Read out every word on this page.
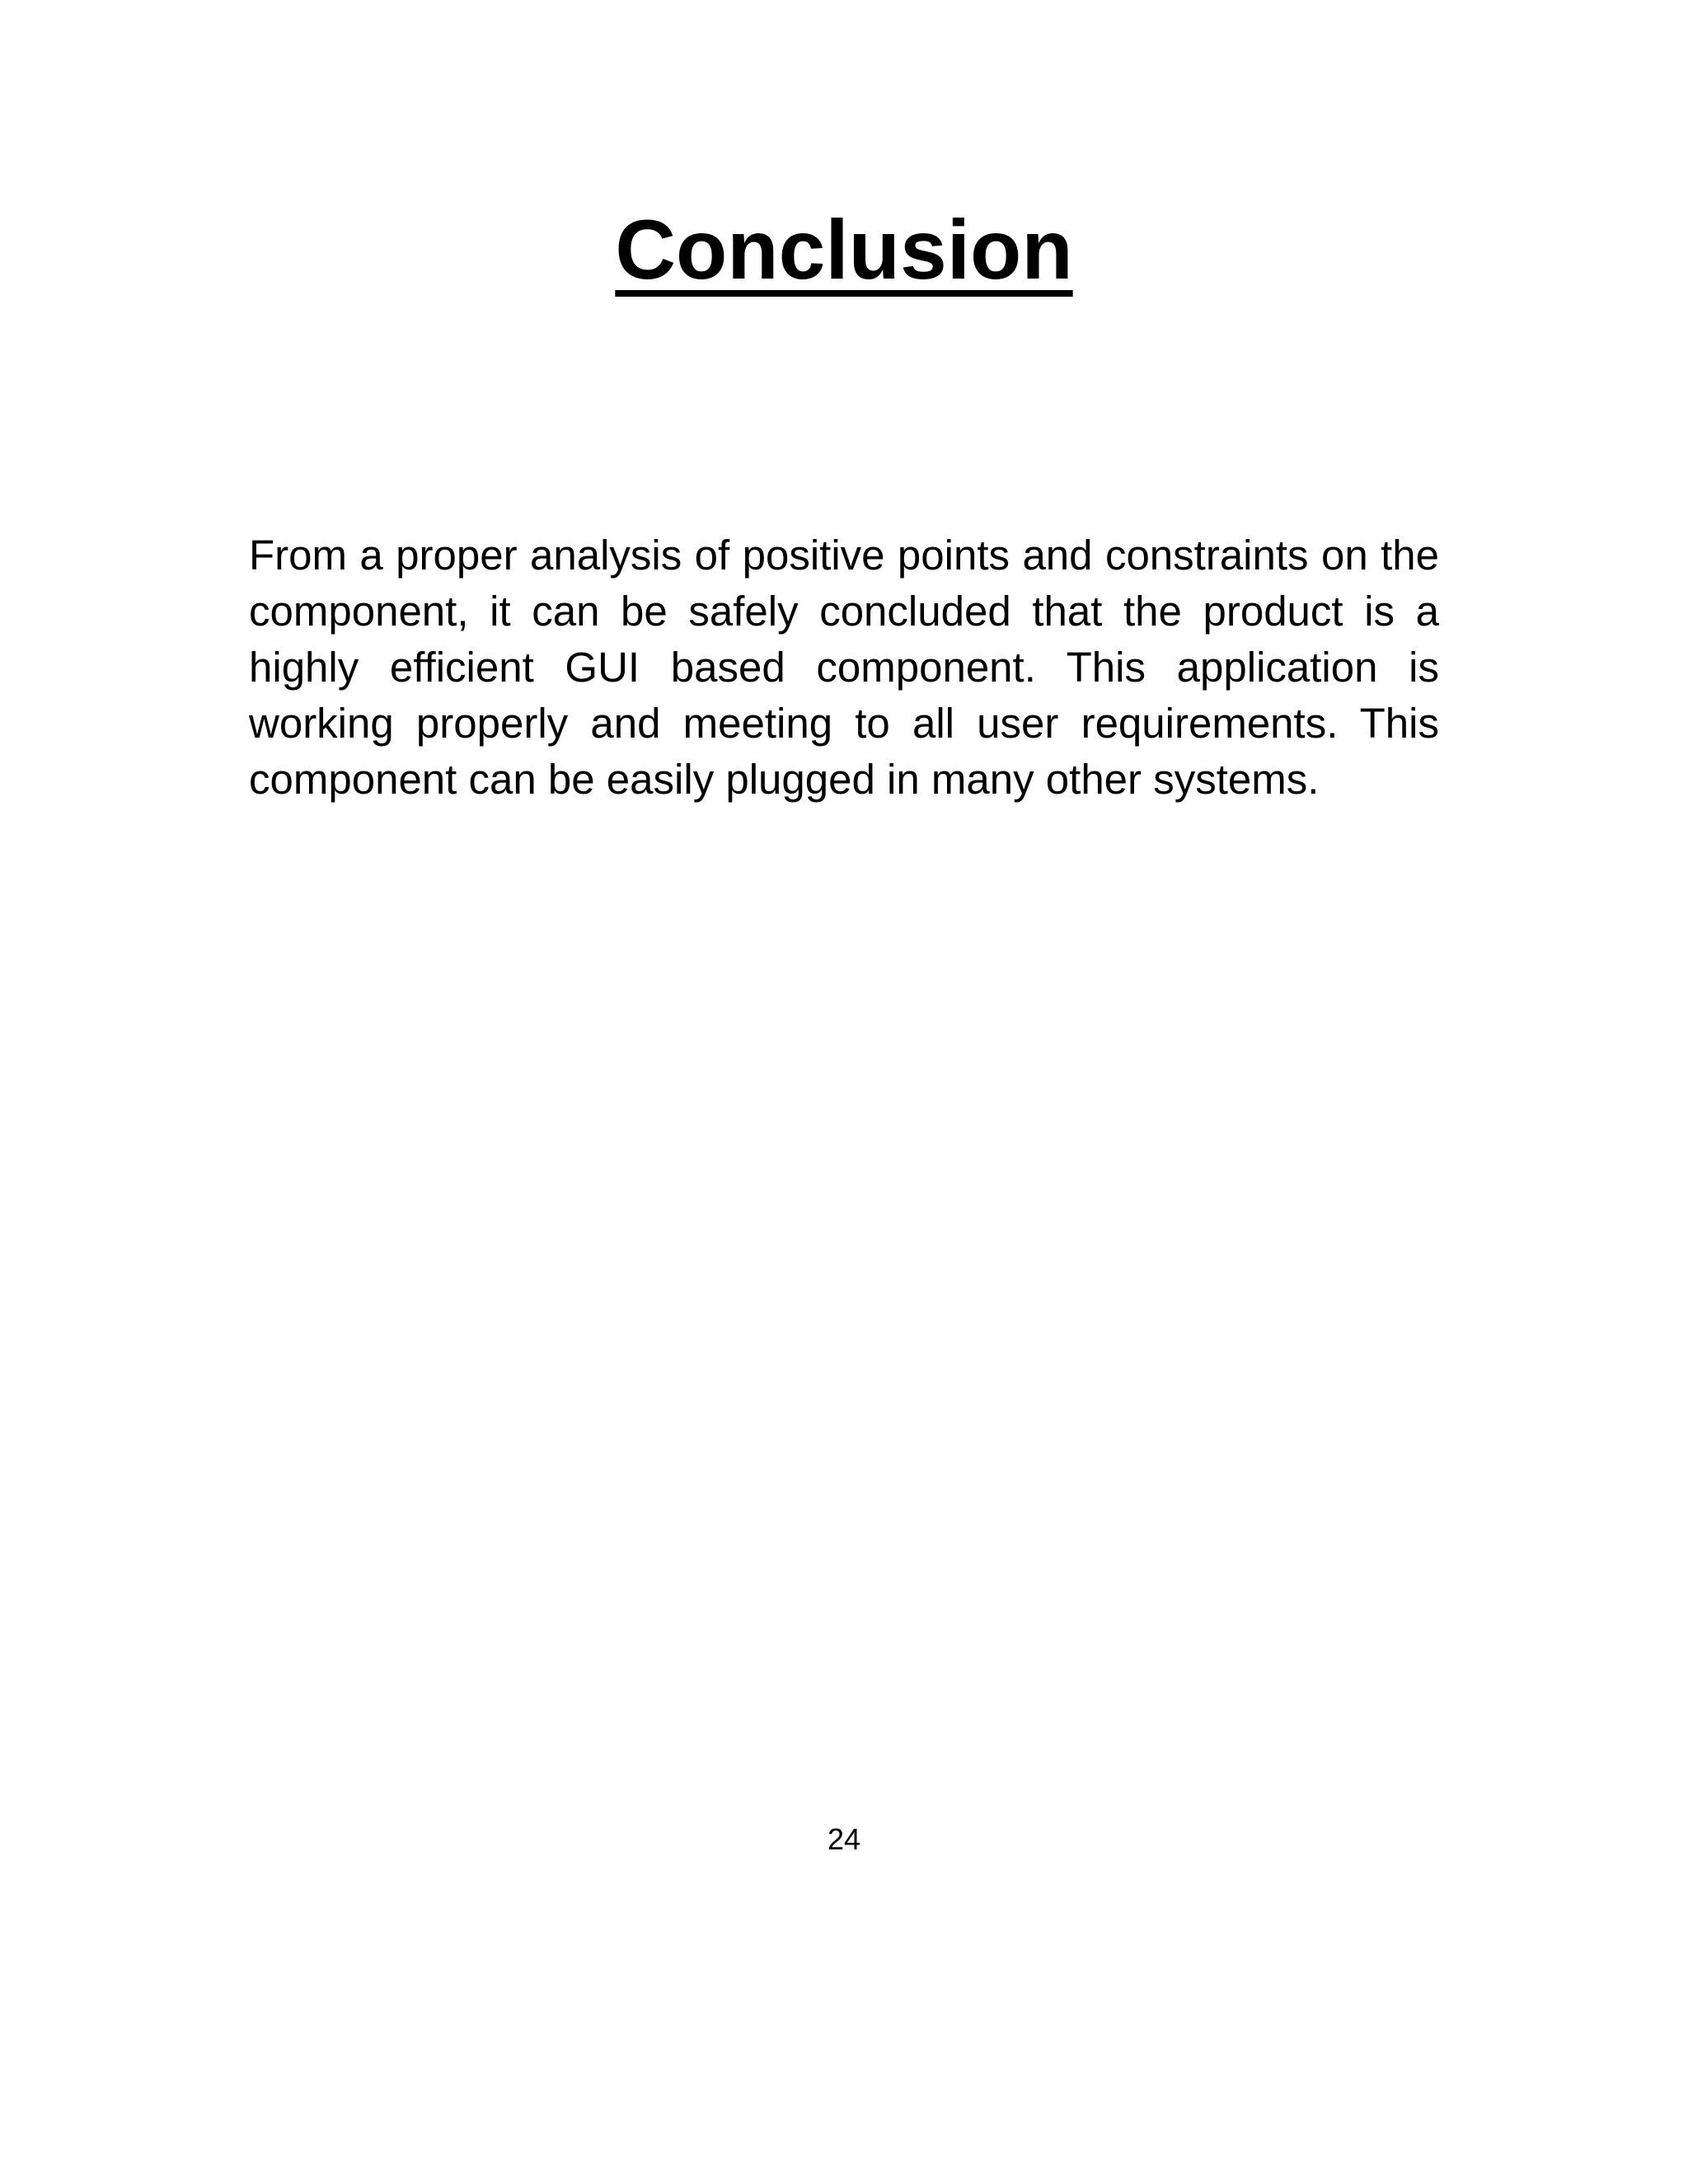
Conclusion

From a proper analysis of positive points and constraints on the component, it can be safely concluded that the product is a highly efficient GUI based component. This application is working properly and meeting to all user requirements. This component can be easily plugged in many other systems.

24
